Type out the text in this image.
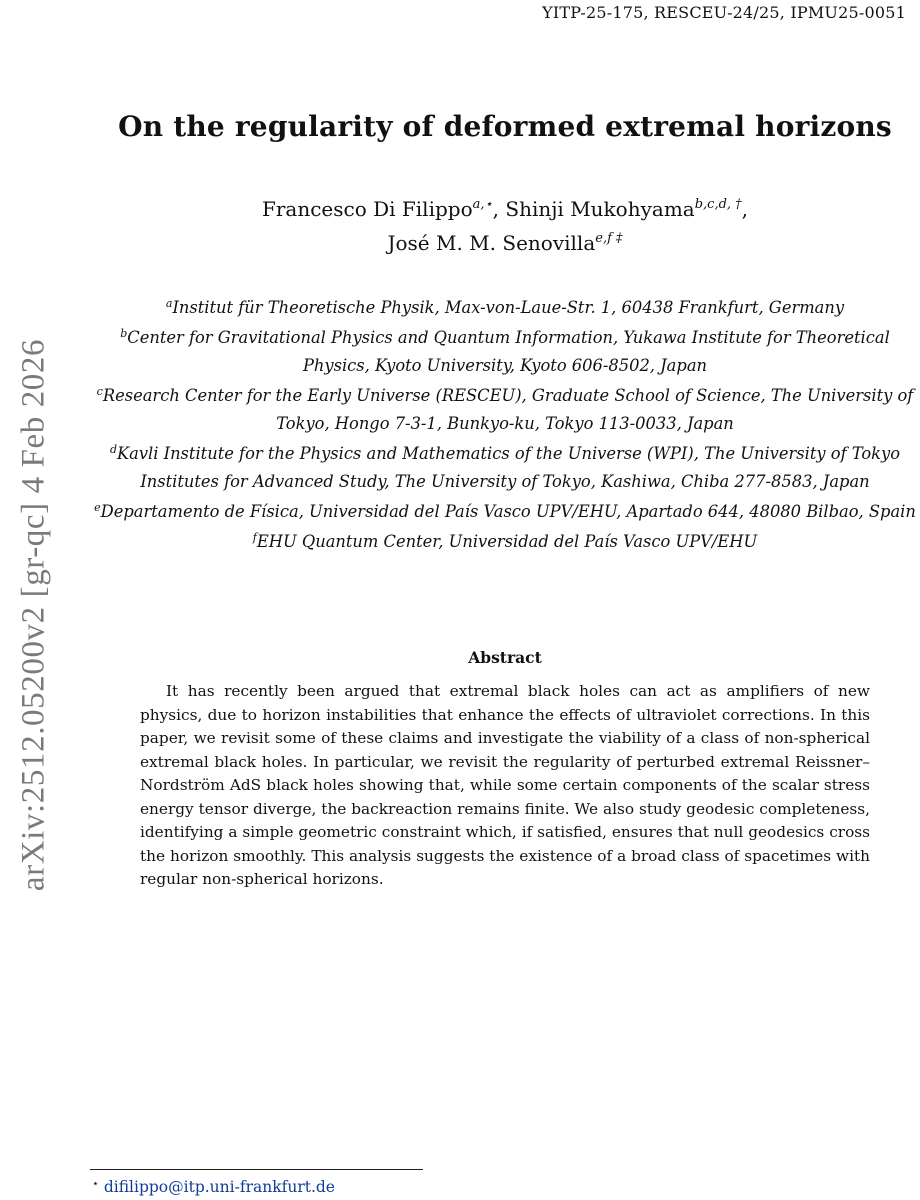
YITP-25-175, RESCEU-24/25, IPMU25-0051
arXiv:2512.05200v2 [gr-qc] 4 Feb 2026
On the regularity of deformed extremal horizons
Francesco Di Filippo$^{a,⋆}$, Shinji Mukohyama$^{b,c,d, \dagger}$,
José M. M. Senovilla$^{e,f \ddagger}$
$^a$Institut für Theoretische Physik, Max-von-Laue-Str. 1, 60438 Frankfurt, Germany
$^b$Center for Gravitational Physics and Quantum Information, Yukawa Institute for Theoretical Physics, Kyoto University, Kyoto 606-8502, Japan
$^c$Research Center for the Early Universe (RESCEU), Graduate School of Science, The University of Tokyo, Hongo 7-3-1, Bunkyo-ku, Tokyo 113-0033, Japan
$^d$Kavli Institute for the Physics and Mathematics of the Universe (WPI), The University of Tokyo Institutes for Advanced Study, The University of Tokyo, Kashiwa, Chiba 277-8583, Japan
$^e$Departamento de Física, Universidad del País Vasco UPV/EHU, Apartado 644, 48080 Bilbao, Spain
$^f$EHU Quantum Center, Universidad del País Vasco UPV/EHU
Abstract

It has recently been argued that extremal black holes can act as amplifiers of new physics, due to horizon instabilities that enhance the effects of ultraviolet corrections. In this paper, we revisit some of these claims and investigate the viability of a class of non-spherical extremal black holes. In particular, we revisit the regularity of perturbed extremal Reissner–Nordström AdS black holes showing that, while some certain components of the scalar stress energy tensor diverge, the backreaction remains finite. We also study geodesic completeness, identifying a simple geometric constraint which, if satisfied, ensures that null geodesics cross the horizon smoothly. This analysis suggests the existence of a broad class of spacetimes with regular non-spherical horizons.

⋆ difilippo@itp.uni-frankfurt.de
